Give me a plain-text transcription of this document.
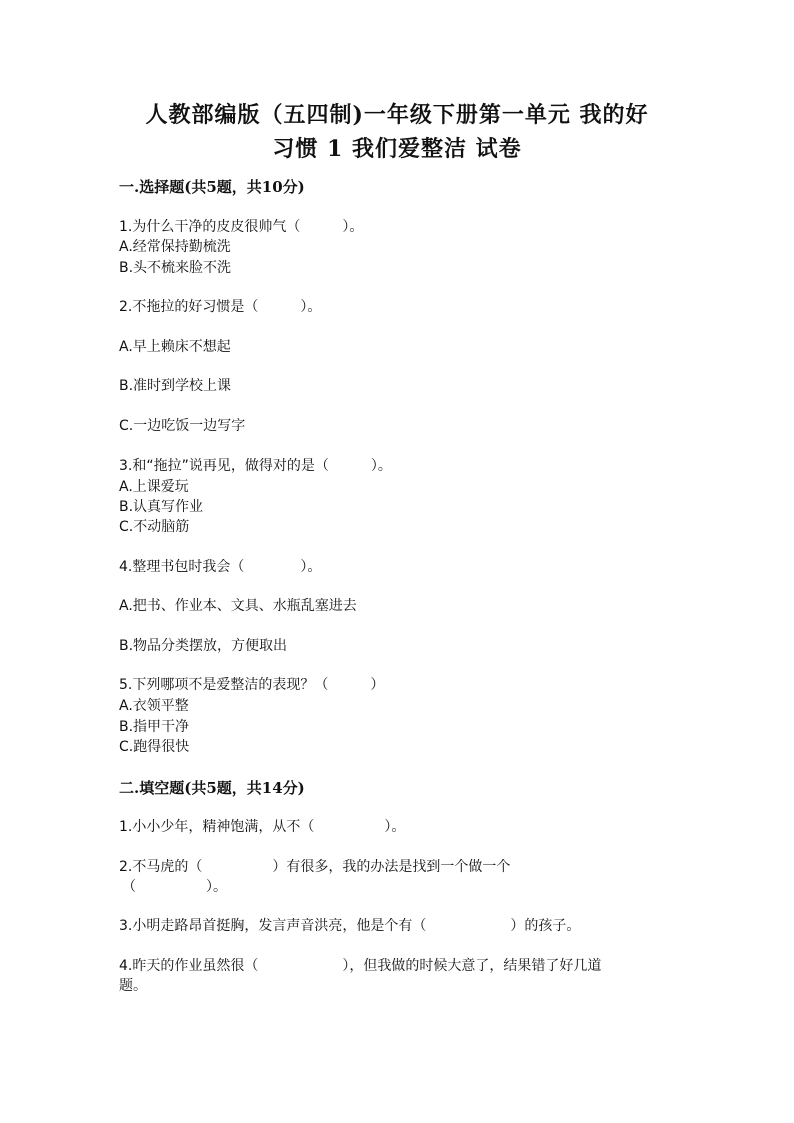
人教部编版（五四制)一年级下册第一单元 我的好
习惯 1 我们爱整洁 试卷
一.选择题(共5题，共10分)
1.为什么干净的皮皮很帅气（　　　）。
A.经常保持勤梳洗
B.头不梳来脸不洗
2.不拖拉的好习惯是（　　　）。
A.早上赖床不想起
B.准时到学校上课
C.一边吃饭一边写字
3.和“拖拉”说再见，做得对的是（　　　）。
A.上课爱玩
B.认真写作业
C.不动脑筋
4.整理书包时我会（　　　　）。
A.把书、作业本、文具、水瓶乱塞进去
B.物品分类摆放，方便取出
5.下列哪项不是爱整洁的表现？（　　　）
A.衣领平整
B.指甲干净
C.跑得很快
二.填空题(共5题，共14分)
1.小小少年，精神饱满，从不（　　　　　）。
2.不马虎的（　　　　　）有很多，我的办法是找到一个做一个
（　　　　　）。
3.小明走路昂首挺胸，发言声音洪亮，他是个有（　　　　　　）的孩子。
4.昨天的作业虽然很（　　　　　　），但我做的时候大意了，结果错了好几道
题。
